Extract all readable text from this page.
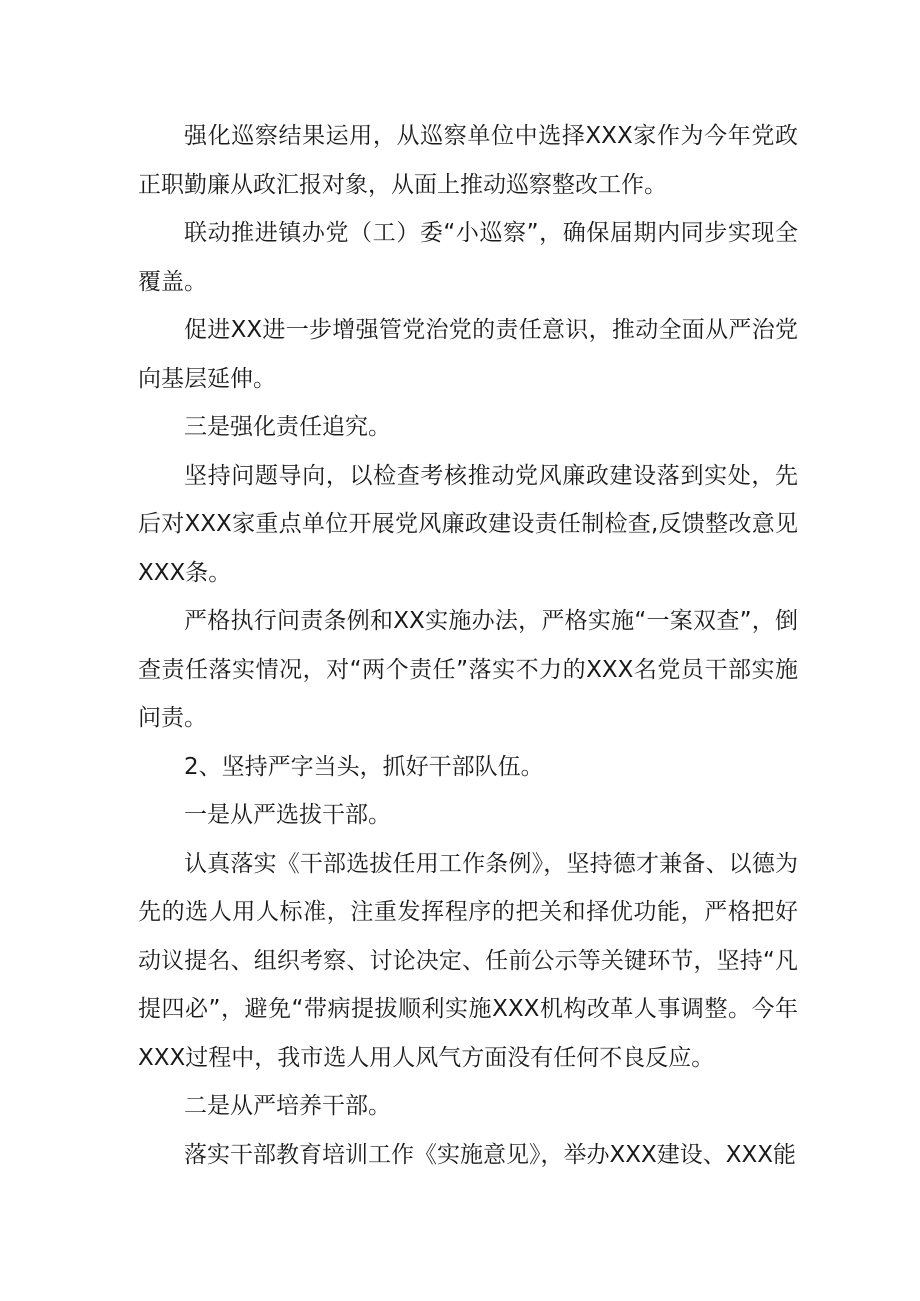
强化巡察结果运用，从巡察单位中选择XXX家作为今年党政正职勤廉从政汇报对象，从面上推动巡察整改工作。

联动推进镇办党（工）委“小巡察”，确保届期内同步实现全覆盖。

促进XX进一步增强管党治党的责任意识，推动全面从严治党向基层延伸。

三是强化责任追究。

坚持问题导向，以检查考核推动党风廉政建设落到实处，先后对XXX家重点单位开展党风廉政建设责任制检查,反馈整改意见XXX条。

严格执行问责条例和XX实施办法，严格实施“一案双查”，倒查责任落实情况，对“两个责任”落实不力的XXX名党员干部实施问责。

2、坚持严字当头，抓好干部队伍。

一是从严选拔干部。

认真落实《干部选拔任用工作条例》，坚持德才兼备、以德为先的选人用人标准，注重发挥程序的把关和择优功能，严格把好动议提名、组织考察、讨论决定、任前公示等关键环节，坚持“凡提四必”，避免“带病提拔顺利实施XXX机构改革人事调整。今年XXX过程中，我市选人用人风气方面没有任何不良反应。

二是从严培养干部。

落实干部教育培训工作《实施意见》，举办XXX建设、XXX能
